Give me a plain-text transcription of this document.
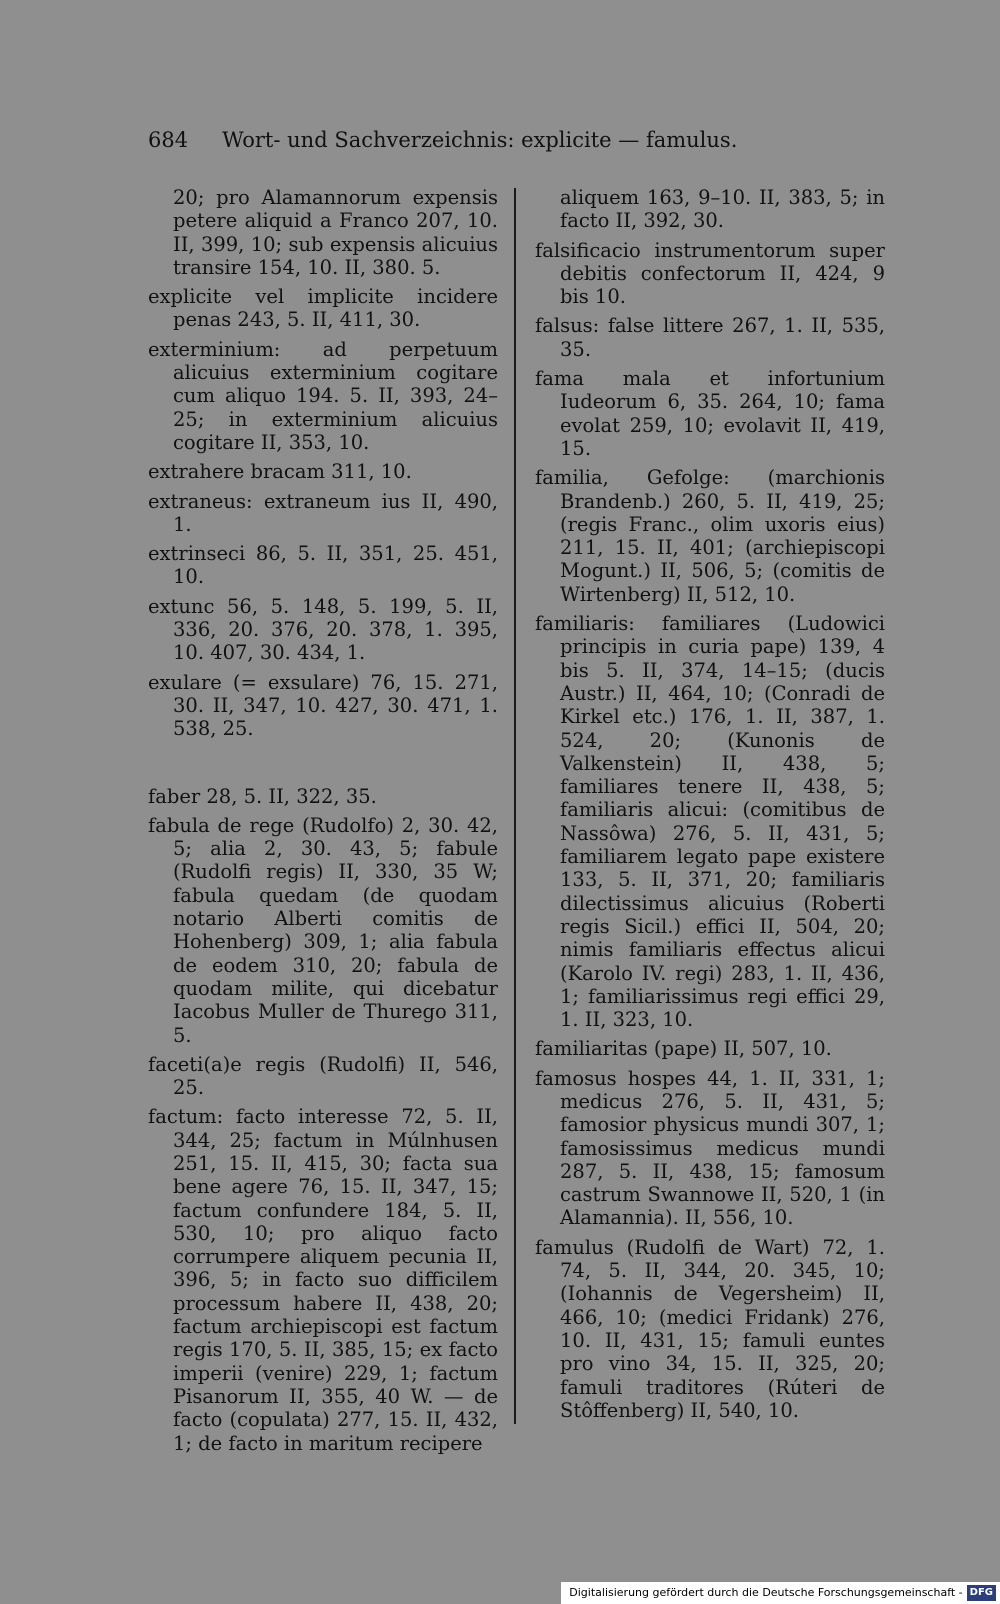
684 Wort- und Sachverzeichnis: explicite — famulus.

20; pro Alamannorum expensis petere aliquid a Franco 207, 10. II, 399, 10; sub expensis alicuius transire 154, 10. II, 380. 5.

explicite vel implicite incidere penas 243, 5. II, 411, 30.

exterminium: ad perpetuum alicuius exterminium cogitare cum aliquo 194. 5. II, 393, 24–25; in exterminium alicuius cogitare II, 353, 10.

extrahere bracam 311, 10.

extraneus: extraneum ius II, 490, 1.

extrinseci 86, 5. II, 351, 25. 451, 10.

extunc 56, 5. 148, 5. 199, 5. II, 336, 20. 376, 20. 378, 1. 395, 10. 407, 30. 434, 1.

exulare (= exsulare) 76, 15. 271, 30. II, 347, 10. 427, 30. 471, 1. 538, 25.

faber 28, 5. II, 322, 35.

fabula de rege (Rudolfo) 2, 30. 42, 5; alia 2, 30. 43, 5; fabule (Rudolfi regis) II, 330, 35 W; fabula quedam (de quodam notario Alberti comitis de Hohenberg) 309, 1; alia fabula de eodem 310, 20; fabula de quodam milite, qui dicebatur Iacobus Muller de Thurego 311, 5.

faceti(a)e regis (Rudolfi) II, 546, 25.

factum: facto interesse 72, 5. II, 344, 25; factum in Múlnhusen 251, 15. II, 415, 30; facta sua bene agere 76, 15. II, 347, 15; factum confundere 184, 5. II, 530, 10; pro aliquo facto corrumpere aliquem pecunia II, 396, 5; in facto suo difficilem processum habere II, 438, 20; factum archiepiscopi est factum regis 170, 5. II, 385, 15; ex facto imperii (venire) 229, 1; factum Pisanorum II, 355, 40 W. — de facto (copulata) 277, 15. II, 432, 1; de facto in maritum recipere

aliquem 163, 9–10. II, 383, 5; in facto II, 392, 30.

falsificacio instrumentorum super debitis confectorum II, 424, 9 bis 10.

falsus: false littere 267, 1. II, 535, 35.

fama mala et infortunium Iudeorum 6, 35. 264, 10; fama evolat 259, 10; evolavit II, 419, 15.

familia, Gefolge: (marchionis Brandenb.) 260, 5. II, 419, 25; (regis Franc., olim uxoris eius) 211, 15. II, 401; (archiepiscopi Mogunt.) II, 506, 5; (comitis de Wirtenberg) II, 512, 10.

familiaris: familiares (Ludowici principis in curia pape) 139, 4 bis 5. II, 374, 14–15; (ducis Austr.) II, 464, 10; (Conradi de Kirkel etc.) 176, 1. II, 387, 1. 524, 20; (Kunonis de Valkenstein) II, 438, 5; familiares tenere II, 438, 5; familiaris alicui: (comitibus de Nassôwa) 276, 5. II, 431, 5; familiarem legato pape existere 133, 5. II, 371, 20; familiaris dilectissimus alicuius (Roberti regis Sicil.) effici II, 504, 20; nimis familiaris effectus alicui (Karolo IV. regi) 283, 1. II, 436, 1; familiarissimus regi effici 29, 1. II, 323, 10.

familiaritas (pape) II, 507, 10.

famosus hospes 44, 1. II, 331, 1; medicus 276, 5. II, 431, 5; famosior physicus mundi 307, 1; famosissimus medicus mundi 287, 5. II, 438, 15; famosum castrum Swannowe II, 520, 1 (in Alamannia). II, 556, 10.

famulus (Rudolfi de Wart) 72, 1. 74, 5. II, 344, 20. 345, 10; (Iohannis de Vegersheim) II, 466, 10; (medici Fridank) 276, 10. II, 431, 15; famuli euntes pro vino 34, 15. II, 325, 20; famuli traditores (Rúteri de Stôffenberg) II, 540, 10.

Digitalisierung gefördert durch die Deutsche Forschungsgemeinschaft - DFG
